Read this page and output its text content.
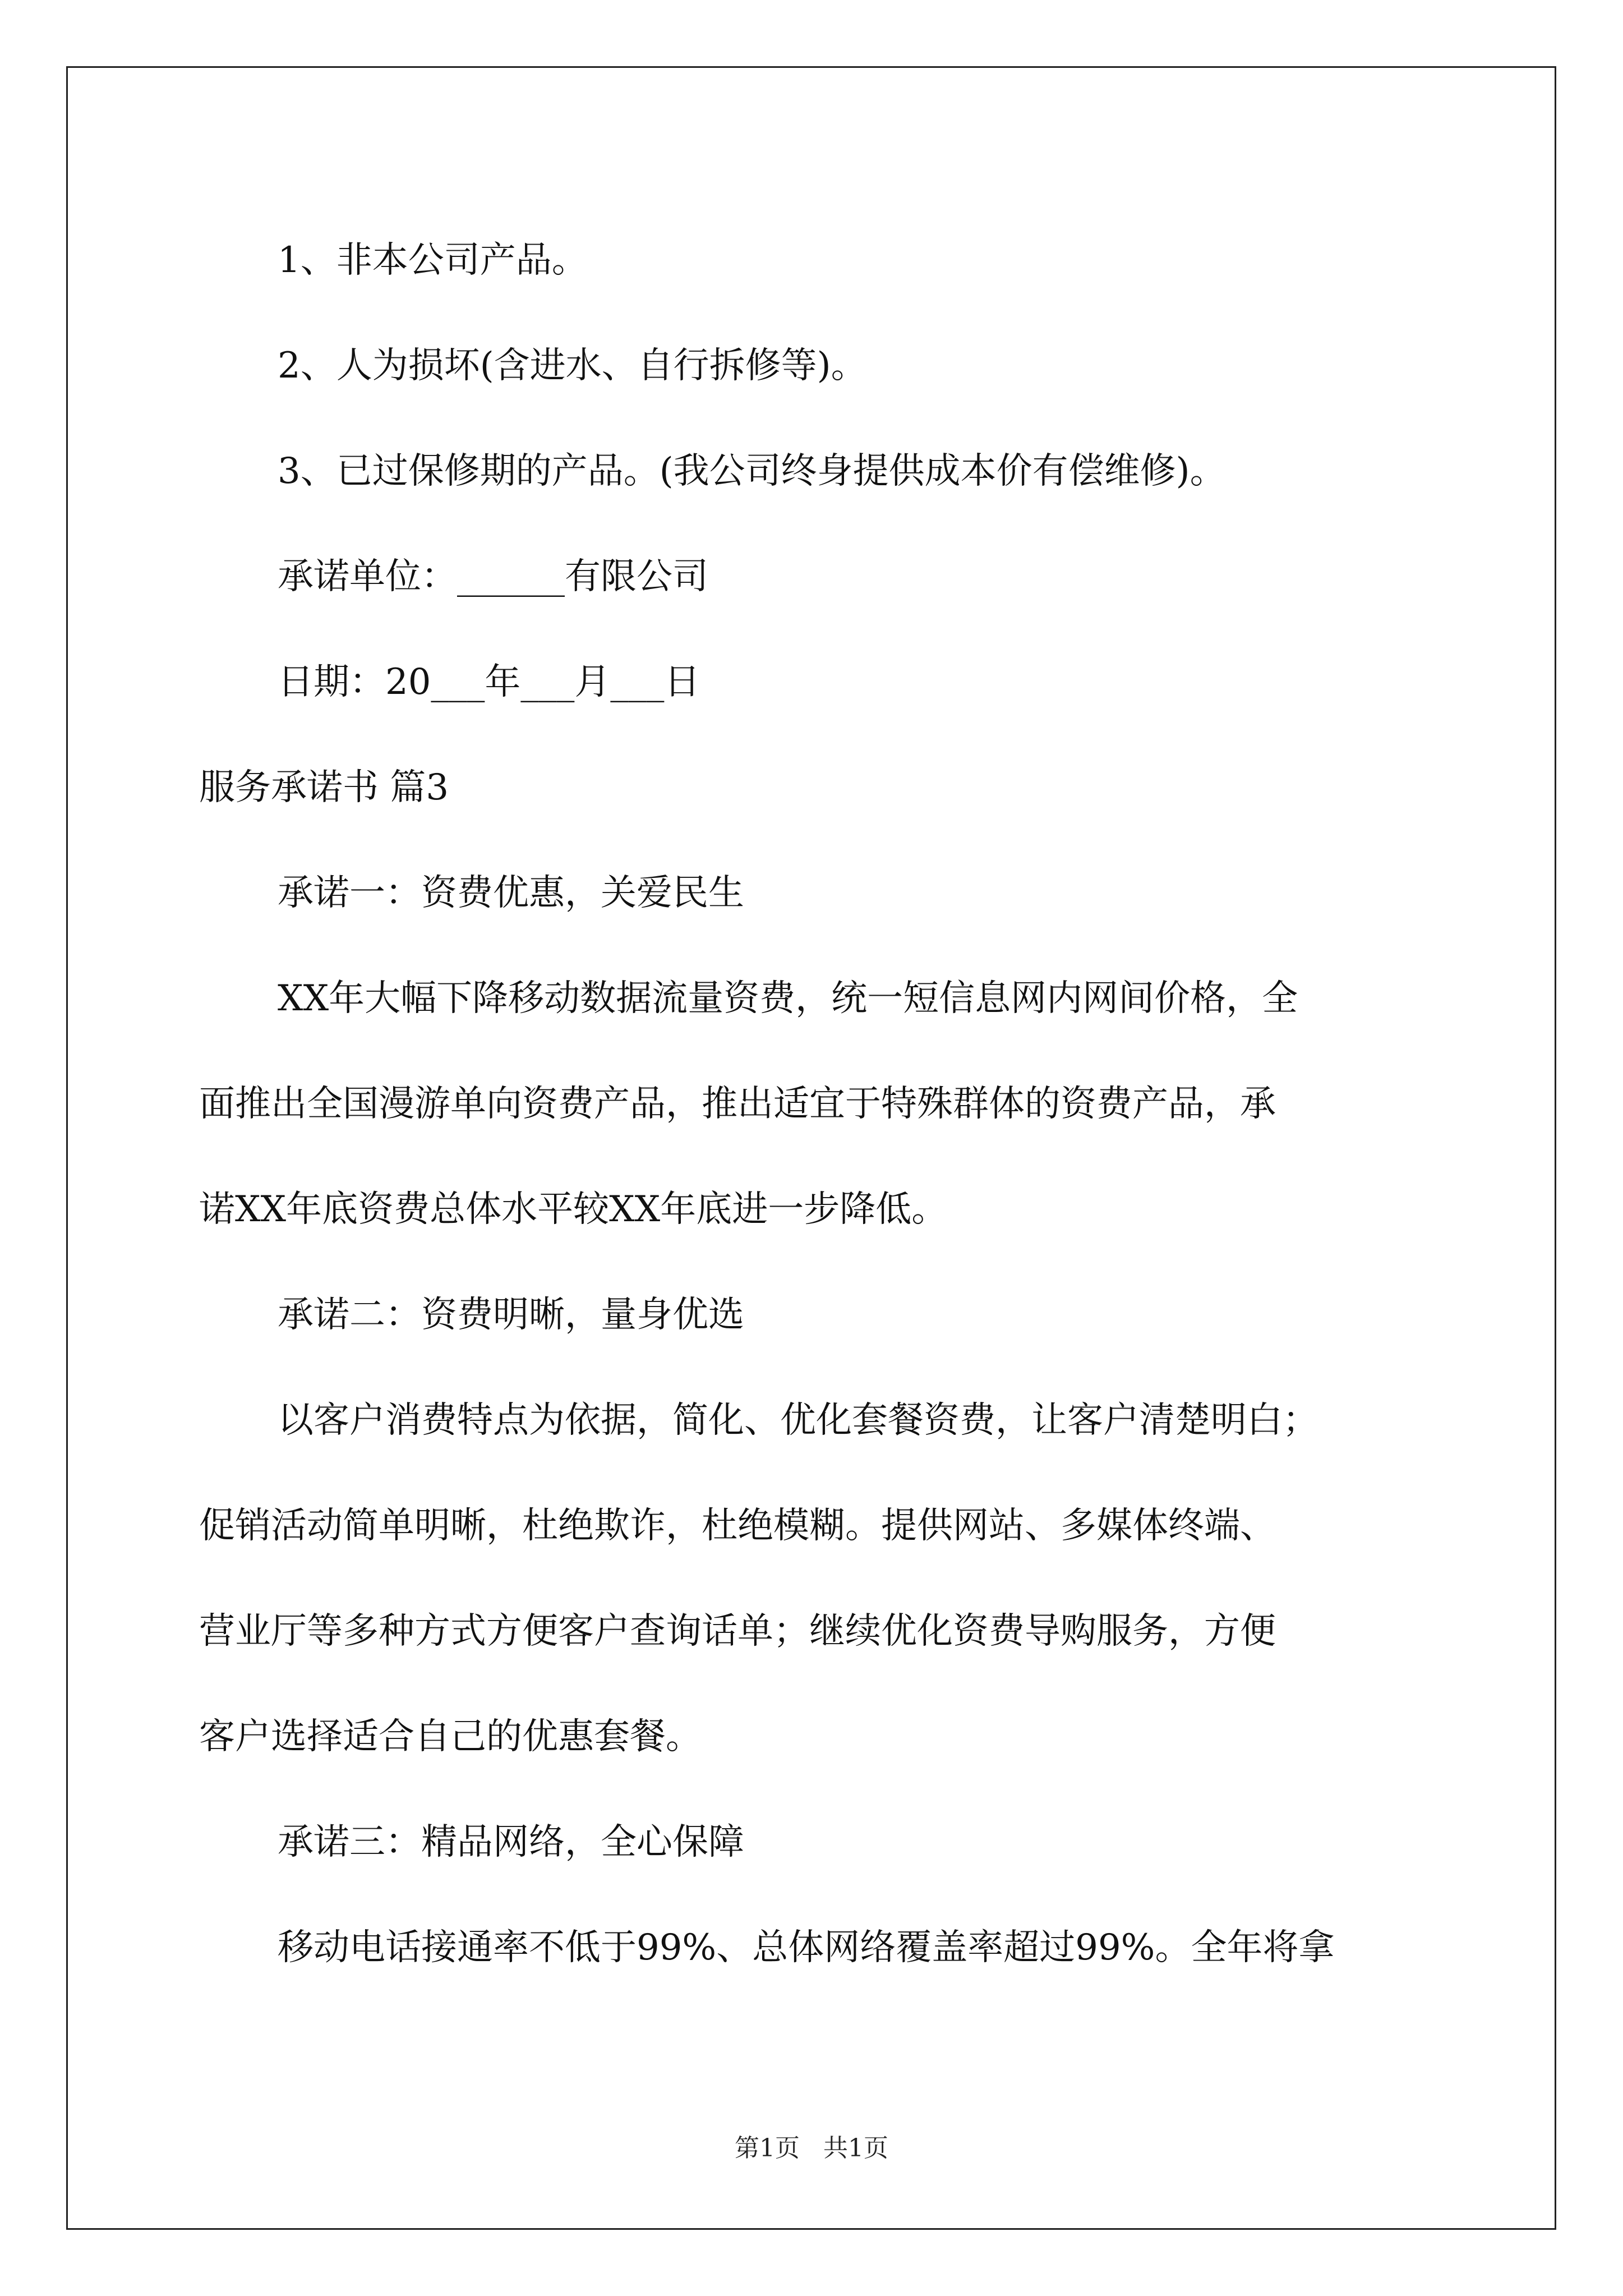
1、非本公司产品。

2、人为损坏(含进水、自行拆修等)。

3、已过保修期的产品。(我公司终身提供成本价有偿维修)。

承诺单位：______有限公司

日期：20___年___月___日

服务承诺书 篇3

承诺一：资费优惠，关爱民生

XX年大幅下降移动数据流量资费，统一短信息网内网间价格，全

面推出全国漫游单向资费产品，推出适宜于特殊群体的资费产品，承

诺XX年底资费总体水平较XX年底进一步降低。

承诺二：资费明晰，量身优选

以客户消费特点为依据，简化、优化套餐资费，让客户清楚明白；

促销活动简单明晰，杜绝欺诈，杜绝模糊。提供网站、多媒体终端、

营业厅等多种方式方便客户查询话单；继续优化资费导购服务，方便

客户选择适合自己的优惠套餐。

承诺三：精品网络，全心保障

移动电话接通率不低于99%、总体网络覆盖率超过99%。全年将拿

第1页   共1页
